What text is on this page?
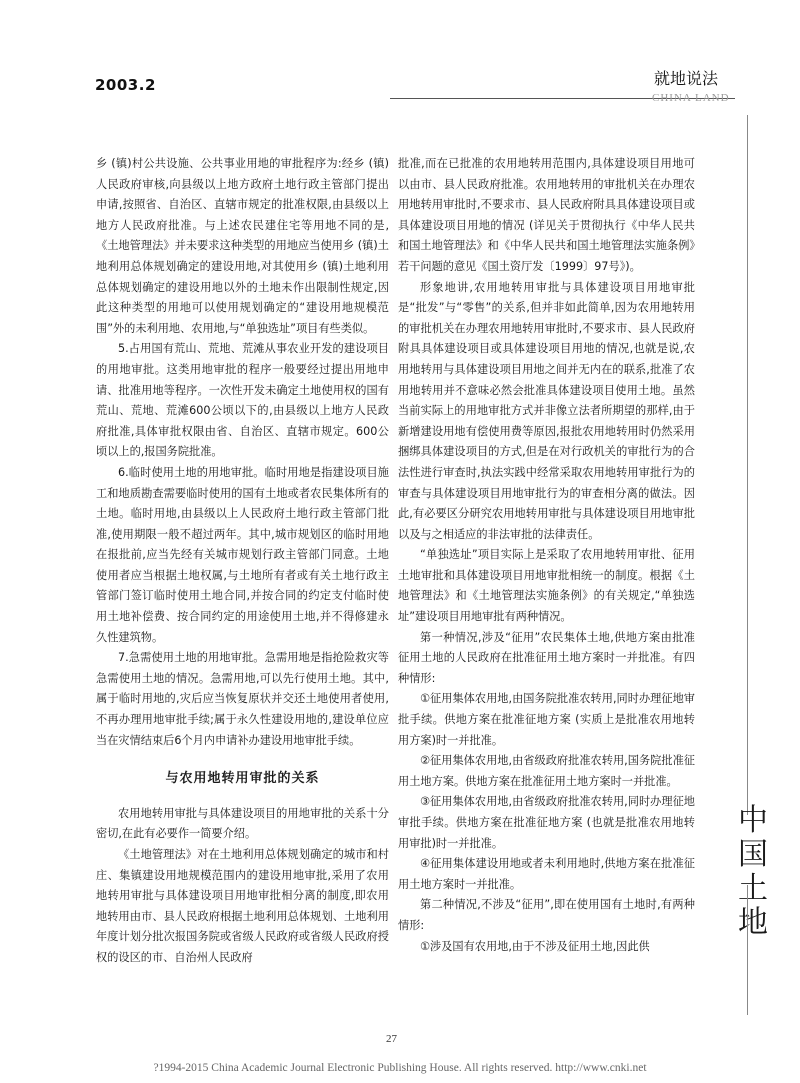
2003.2	就地说法
CHINA LAND

乡 (镇)村公共设施、公共事业用地的审批程序为:经乡 (镇)人民政府审核,向县级以上地方政府土地行政主管部门提出申请,按照省、自治区、直辖市规定的批准权限,由县级以上地方人民政府批准。与上述农民建住宅等用地不同的是,《土地管理法》并未要求这种类型的用地应当使用乡 (镇)土地利用总体规划确定的建设用地,对其使用乡 (镇)土地利用总体规划确定的建设用地以外的土地未作出限制性规定,因此这种类型的用地可以使用规划确定的“建设用地规模范围”外的未利用地、农用地,与“单独选址”项目有些类似。

5.占用国有荒山、荒地、荒滩从事农业开发的建设项目的用地审批。这类用地审批的程序一般要经过提出用地申请、批准用地等程序。一次性开发未确定土地使用权的国有荒山、荒地、荒滩600公顷以下的,由县级以上地方人民政府批准,具体审批权限由省、自治区、直辖市规定。600公顷以上的,报国务院批准。

6.临时使用土地的用地审批。临时用地是指建设项目施工和地质勘查需要临时使用的国有土地或者农民集体所有的土地。临时用地,由县级以上人民政府土地行政主管部门批准,使用期限一般不超过两年。其中,城市规划区的临时用地在报批前,应当先经有关城市规划行政主管部门同意。土地使用者应当根据土地权属,与土地所有者或有关土地行政主管部门签订临时使用土地合同,并按合同的约定支付临时使用土地补偿费、按合同约定的用途使用土地,并不得修建永久性建筑物。

7.急需使用土地的用地审批。急需用地是指抢险救灾等急需使用土地的情况。急需用地,可以先行使用土地。其中,属于临时用地的,灾后应当恢复原状并交还土地使用者使用,不再办理用地审批手续;属于永久性建设用地的,建设单位应当在灾情结束后6个月内申请补办建设用地审批手续。

与农用地转用审批的关系

农用地转用审批与具体建设项目的用地审批的关系十分密切,在此有必要作一简要介绍。

《土地管理法》对在土地利用总体规划确定的城市和村庄、集镇建设用地规模范围内的建设用地审批,采用了农用地转用审批与具体建设项目用地审批相分离的制度,即农用地转用由市、县人民政府根据土地利用总体规划、土地利用年度计划分批次报国务院或省级人民政府或省级人民政府授权的设区的市、自治州人民政府

批准,而在已批准的农用地转用范围内,具体建设项目用地可以由市、县人民政府批准。农用地转用的审批机关在办理农用地转用审批时,不要求市、县人民政府附具具体建设项目或具体建设项目用地的情况 (详见关于贯彻执行《中华人民共和国土地管理法》和《中华人民共和国土地管理法实施条例》若干问题的意见《国土资厅发〔1999〕97号》)。

形象地讲,农用地转用审批与具体建设项目用地审批是“批发”与“零售”的关系,但并非如此简单,因为农用地转用的审批机关在办理农用地转用审批时,不要求市、县人民政府附具具体建设项目或具体建设项目用地的情况,也就是说,农用地转用与具体建设项目用地之间并无内在的联系,批准了农用地转用并不意味必然会批准具体建设项目使用土地。虽然当前实际上的用地审批方式并非像立法者所期望的那样,由于新增建设用地有偿使用费等原因,报批农用地转用时仍然采用捆绑具体建设项目的方式,但是在对行政机关的审批行为的合法性进行审查时,执法实践中经常采取农用地转用审批行为的审查与具体建设项目用地审批行为的审查相分离的做法。因此,有必要区分研究农用地转用审批与具体建设项目用地审批以及与之相适应的非法审批的法律责任。

“单独选址”项目实际上是采取了农用地转用审批、征用土地审批和具体建设项目用地审批相统一的制度。根据《土地管理法》和《土地管理法实施条例》的有关规定,“单独选址”建设项目用地审批有两种情况。

第一种情况,涉及“征用”农民集体土地,供地方案由批准征用土地的人民政府在批准征用土地方案时一并批准。有四种情形:

①征用集体农用地,由国务院批准农转用,同时办理征地审批手续。供地方案在批准征地方案 (实质上是批准农用地转用方案)时一并批准。

②征用集体农用地,由省级政府批准农转用,国务院批准征用土地方案。供地方案在批准征用土地方案时一并批准。

③征用集体农用地,由省级政府批准农转用,同时办理征地审批手续。供地方案在批准征地方案 (也就是批准农用地转用审批)时一并批准。

④征用集体建设用地或者未利用地时,供地方案在批准征用土地方案时一并批准。

第二种情况,不涉及“征用”,即在使用国有土地时,有两种情形:

①涉及国有农用地,由于不涉及征用土地,因此供

中
国
土
地
27
?1994-2015 China Academic Journal Electronic Publishing House. All rights reserved. http://www.cnki.net
